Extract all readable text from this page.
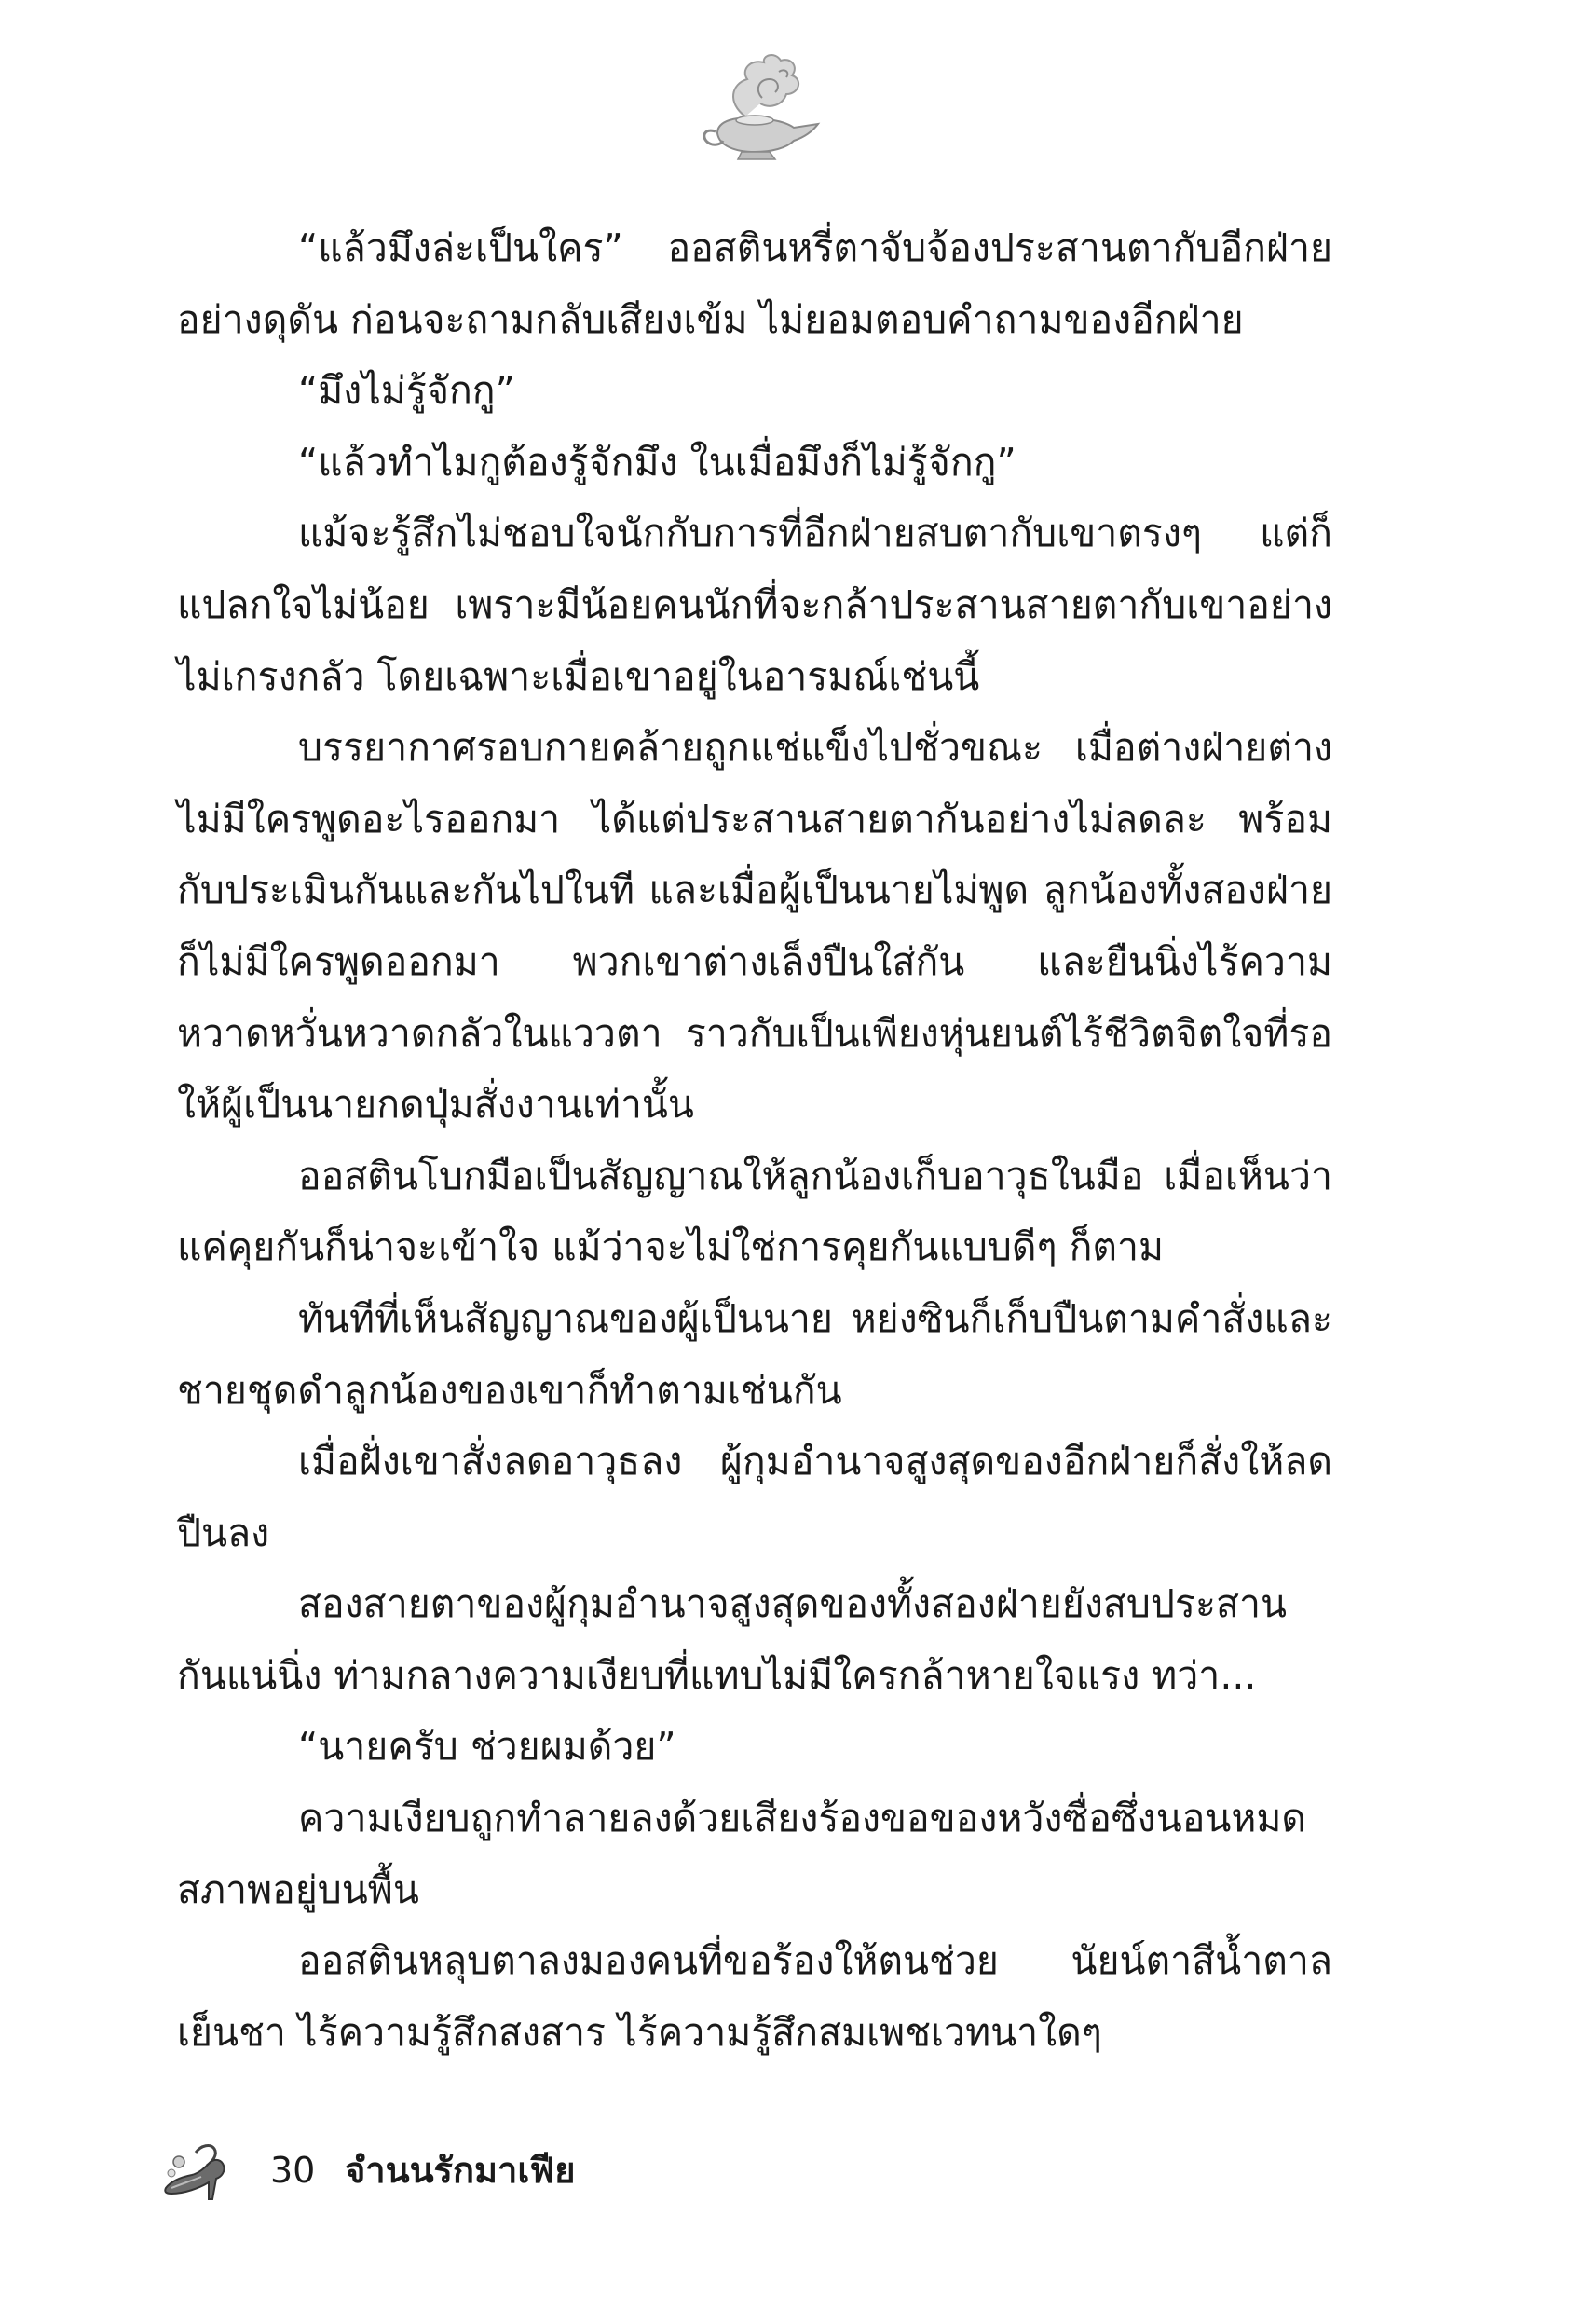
“แล้วมึงล่ะเป็นใคร” ออสตินหรี่ตาจับจ้องประสานตากับอีกฝ่ายอย่างดุดัน ก่อนจะถามกลับเสียงเข้ม ไม่ยอมตอบคำถามของอีกฝ่าย

“มึงไม่รู้จักกู”

“แล้วทำไมกูต้องรู้จักมึง ในเมื่อมึงก็ไม่รู้จักกู”

แม้จะรู้สึกไม่ชอบใจนักกับการที่อีกฝ่ายสบตากับเขาตรงๆ แต่ก็แปลกใจไม่น้อย เพราะมีน้อยคนนักที่จะกล้าประสานสายตากับเขาอย่างไม่เกรงกลัว โดยเฉพาะเมื่อเขาอยู่ในอารมณ์เช่นนี้

บรรยากาศรอบกายคล้ายถูกแช่แข็งไปชั่วขณะ เมื่อต่างฝ่ายต่างไม่มีใครพูดอะไรออกมา ได้แต่ประสานสายตากันอย่างไม่ลดละ พร้อมกับประเมินกันและกันไปในที และเมื่อผู้เป็นนายไม่พูด ลูกน้องทั้งสองฝ่ายก็ไม่มีใครพูดออกมา พวกเขาต่างเล็งปืนใส่กัน และยืนนิ่งไร้ความหวาดหวั่นหวาดกลัวในแววตา ราวกับเป็นเพียงหุ่นยนต์ไร้ชีวิตจิตใจที่รอให้ผู้เป็นนายกดปุ่มสั่งงานเท่านั้น

ออสตินโบกมือเป็นสัญญาณให้ลูกน้องเก็บอาวุธในมือ เมื่อเห็นว่าแค่คุยกันก็น่าจะเข้าใจ แม้ว่าจะไม่ใช่การคุยกันแบบดีๆ ก็ตาม

ทันทีที่เห็นสัญญาณของผู้เป็นนาย หย่งซินก็เก็บปืนตามคำสั่งและชายชุดดำลูกน้องของเขาก็ทำตามเช่นกัน

เมื่อฝั่งเขาสั่งลดอาวุธลง ผู้กุมอำนาจสูงสุดของอีกฝ่ายก็สั่งให้ลดปืนลง

สองสายตาของผู้กุมอำนาจสูงสุดของทั้งสองฝ่ายยังสบประสานกันแน่นิ่ง ท่ามกลางความเงียบที่แทบไม่มีใครกล้าหายใจแรง ทว่า...

“นายครับ ช่วยผมด้วย”

ความเงียบถูกทำลายลงด้วยเสียงร้องขอของหวังซื่อซึ่งนอนหมดสภาพอยู่บนพื้น

ออสตินหลุบตาลงมองคนที่ขอร้องให้ตนช่วย นัยน์ตาสีน้ำตาลเย็นชา ไร้ความรู้สึกสงสาร ไร้ความรู้สึกสมเพชเวทนาใดๆ

30 จำนนรักมาเฟีย
